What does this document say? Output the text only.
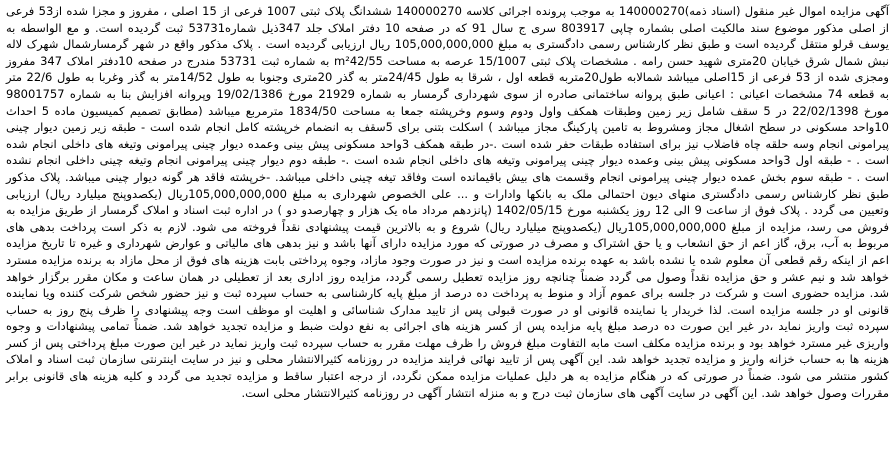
آگهی مزایده اموال غیر منقول (اسناد ذمه)140000270 به موجب پرونده اجرائی کلاسه 140000270 ششدانگ پلاک ثبتی 1007 فرعی از 15 اصلی ، مفروز و مجزا شده از53 فرعی از اصلی مذکور موضوع سند مالکیت اصلی بشماره چاپی 803917 سری ج سال 91 که در صفحه 10 دفتر املاک جلد 347ذیل شماره53731 ثبت گردیده است. و مع الواسطه به یوسف قرلو منتقل گردیده است و طبق نظر کارشناس رسمی دادگستری به مبلغ 105,000,000,000 ریال ارزیابی گردیده است . پلاک مذکور واقع در شهر گرمسارشمال شهرک لاله نبش شمال شرق خیابان 20متری شهید حسن رامه . مشخصات پلاک ثبتی 15/1007 عرصه به مساحت m²42/55 به شماره ثبت 53731 مندرج در صفحه 10دفتر املاک 347 مفروز ومجزی شده از 53 فرعی از 15اصلی میباشد شمالابه طول20متربه قطعه اول ، شرقا به طول 24/45متر به گذر 20متری وجنوبا به طول 14/52متر به گذر وغربا به طول 22/6 متر به قطعه 74 مشخصات اعیانی : اعیانی طبق پروانه ساختمانی صادره از سوی شهرداری گرمسار به شماره 21929 مورخ 19/02/1386 وپروانه افزایش بنا به شماره 98001757 مورخ 22/02/1398 در 5 سقف شامل زیر زمین وطبقات همکف واول ودوم وسوم وخرپشته جمعا به مساحت 1834/50 مترمربع میباشد (مطابق تصمیم کمیسیون ماده 5 احداث 10واحد مسکونی در سطح اشغال مجاز ومشروط به تامین پارکینگ مجاز میباشد ) اسکلت بتنی برای 5سقف به انضمام خرپشته کامل انجام شده است - طبقه زیر زمین دیوار چینی پیرامونی انجام وسه حلقه چاه فاضلاب نیز برای استفاده طبقات حفر شده است .-در طبقه همکف 3واحد مسکونی پیش بینی وعمده دیوار چینی پیرامونی وتیغه های داخلی انجام شده است . - طبقه اول 3واحد مسکونی پیش بینی وعمده دیوار چینی پیرامونی وتیغه های داخلی انجام شده است .- طبقه دوم دیوار چینی پیرامونی انجام وتیغه چینی داخلی انجام نشده است . - طبقه سوم بخش عمده دیوار چینی پیرامونی انجام وقسمت های بیش باقیمانده است وفاقد تیغه چینی داخلی میباشد. -خرپشته فاقد هر گونه دیوار چینی میباشد. پلاک مذکور طبق نظر کارشناس رسمی دادگستری منهای دیون احتمالی ملک به بانکها وادارات و ... علی الخصوص شهرداری به مبلغ 105,000,000,000ریال (یکصدوپنج میلیارد ریال) ارزیابی وتعیین می گردد . پلاک فوق از ساعت 9 الی 12 روز یکشنبه مورخ 1402/05/15 (پانزدهم مرداد ماه یک هزار و چهارصدو دو ) در اداره ثبت اسناد و املاک گرمسار از طریق مزایده به فروش می رسد، مزایده از مبلغ 105,000,000,000ریال (یکصدوپنج میلیارد ریال) شروع و به بالاترین قیمت پیشنهادی نقداً فروخته می شود. لازم به ذکر است پرداخت بدهی های مربوط به آب، برق، گاز اعم از حق انشعاب و یا حق اشتراک و مصرف در صورتی که مورد مزایده دارای آنها باشد و نیز بدهی های مالیاتی و عوارض شهرداری و غیره تا تاریخ مزایده اعم از اینکه رقم قطعی آن معلوم شده یا نشده باشد به عهده برنده مزایده است و نیز در صورت وجود مازاد، وجوه پرداختی بابت هزینه های فوق از محل مازاد به برنده مزایده مسترد خواهد شد و نیم عشر و حق مزایده نقداً وصول می گردد ضمناً چنانچه روز مزایده تعطیل رسمی گردد، مزایده روز اداری بعد از تعطیلی در همان ساعت و مکان مقرر برگزار خواهد شد. مزایده حضوری است و شرکت در جلسه برای عموم آزاد و منوط به پرداخت ده درصد از مبلغ پایه کارشناسی به حساب سپرده ثبت و نیز حضور شخص شرکت کننده ویا نماینده قانونی او در جلسه مزایده است. لذا خریدار یا نماینده قانونی او در صورت قبولی پس از تایید مدارک شناسائی و اهلیت او موظف است وجه پیشنهادی را ظرف پنج روز به حساب سپرده ثبت واریز نماید ،در غیر این صورت ده درصد مبلغ پایه مزایده پس از کسر هزینه های اجرائی به نفع دولت ضبط و مزایده تجدید خواهد شد. ضمناً تمامی پیشنهادات و وجوه واریزی غیر مسترد خواهد بود و برنده مزایده مکلف است مابه التفاوت مبلغ فروش را ظرف مهلت مقرر به حساب سپرده ثبت واریز نماید در غیر این صورت مبلغ پرداختی پس از کسر هزینه ها به حساب خزانه واریز و مزایده تجدید خواهد شد. این آگهی پس از تایید نهائی فرایند مزایده در روزنامه کثیرالانتشار محلی و نیز در سایت اینترنتی سازمان ثبت اسناد و املاک کشور منتشر می شود. ضمناً در صورتی که در هنگام مزایده به هر دلیل عملیات مزایده ممکن نگردد، از درجه اعتبار ساقط و مزایده تجدید می گردد و کلیه هزینه های قانونی برابر مقررات وصول خواهد شد. این آگهی در سایت آگهی های سازمان ثبت درج و به منزله انتشار آگهی در روزنامه کثیرالانتشار محلی است.
